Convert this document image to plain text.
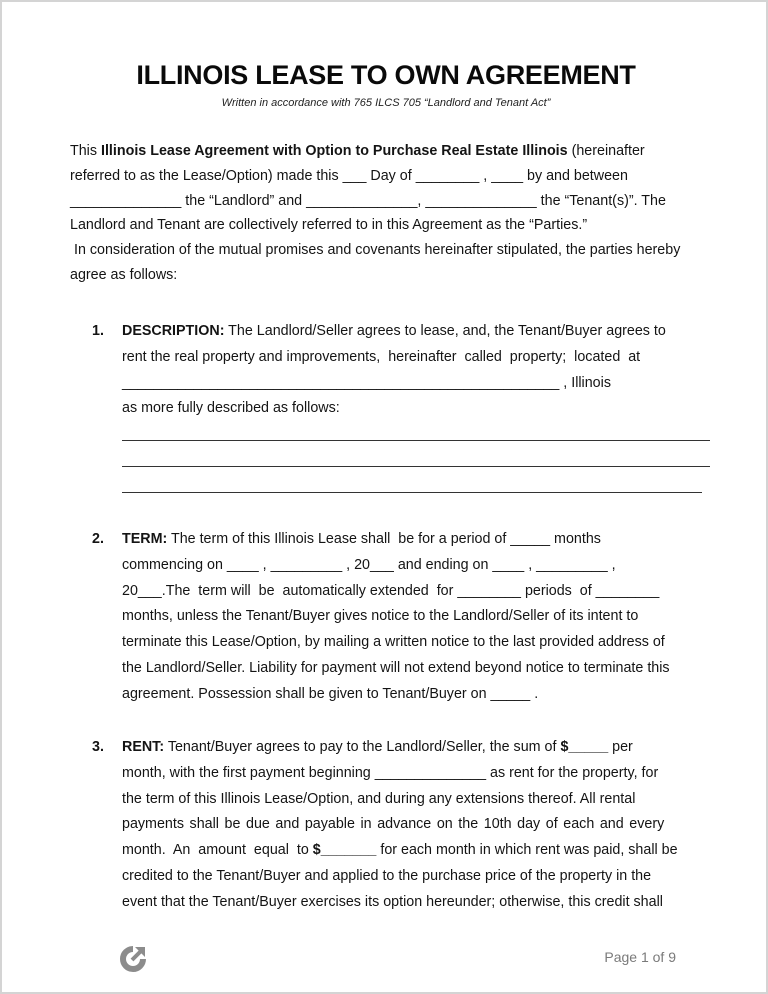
ILLINOIS LEASE TO OWN AGREEMENT
Written in accordance with 765 ILCS 705 “Landlord and Tenant Act”

This Illinois Lease Agreement with Option to Purchase Real Estate Illinois (hereinafter

referred to as the Lease/Option) made this ___ Day of ________ , ____ by and between

______________ the “Landlord” and ______________, ______________ the “Tenant(s)”. The

Landlord and Tenant are collectively referred to in this Agreement as the “Parties.”

In consideration of the mutual promises and covenants hereinafter stipulated, the parties hereby

agree as follows:

1. DESCRIPTION: The Landlord/Seller agrees to lease, and, the Tenant/Buyer agrees to
rent the real property and improvements,  hereinafter  called  property;  located  at
_______________________________________________________ , Illinois
as more fully described as follows:
2. TERM: The term of this Illinois Lease shall  be for a period of _____ months
commencing on ____ , _________ , 20___ and ending on ____ , _________ ,
20___.The  term will  be  automatically extended  for ________ periods  of ________
months, unless the Tenant/Buyer gives notice to the Landlord/Seller of its intent to
terminate this Lease/Option, by mailing a written notice to the last provided address of
the Landlord/Seller. Liability for payment will not extend beyond notice to terminate this
agreement. Possession shall be given to Tenant/Buyer on _____ .
3. RENT: Tenant/Buyer agrees to pay to the Landlord/Seller, the sum of $_____ per
month, with the first payment beginning ______________ as rent for the property, for
the term of this Illinois Lease/Option, and during any extensions thereof. All rental
payments shall be due and payable in advance on the 10th day of each and every
month.  An  amount  equal  to $_______ for each month in which rent was paid, shall be
credited to the Tenant/Buyer and applied to the purchase price of the property in the
event that the Tenant/Buyer exercises its option hereunder; otherwise, this credit shall
Page 1 of 9
